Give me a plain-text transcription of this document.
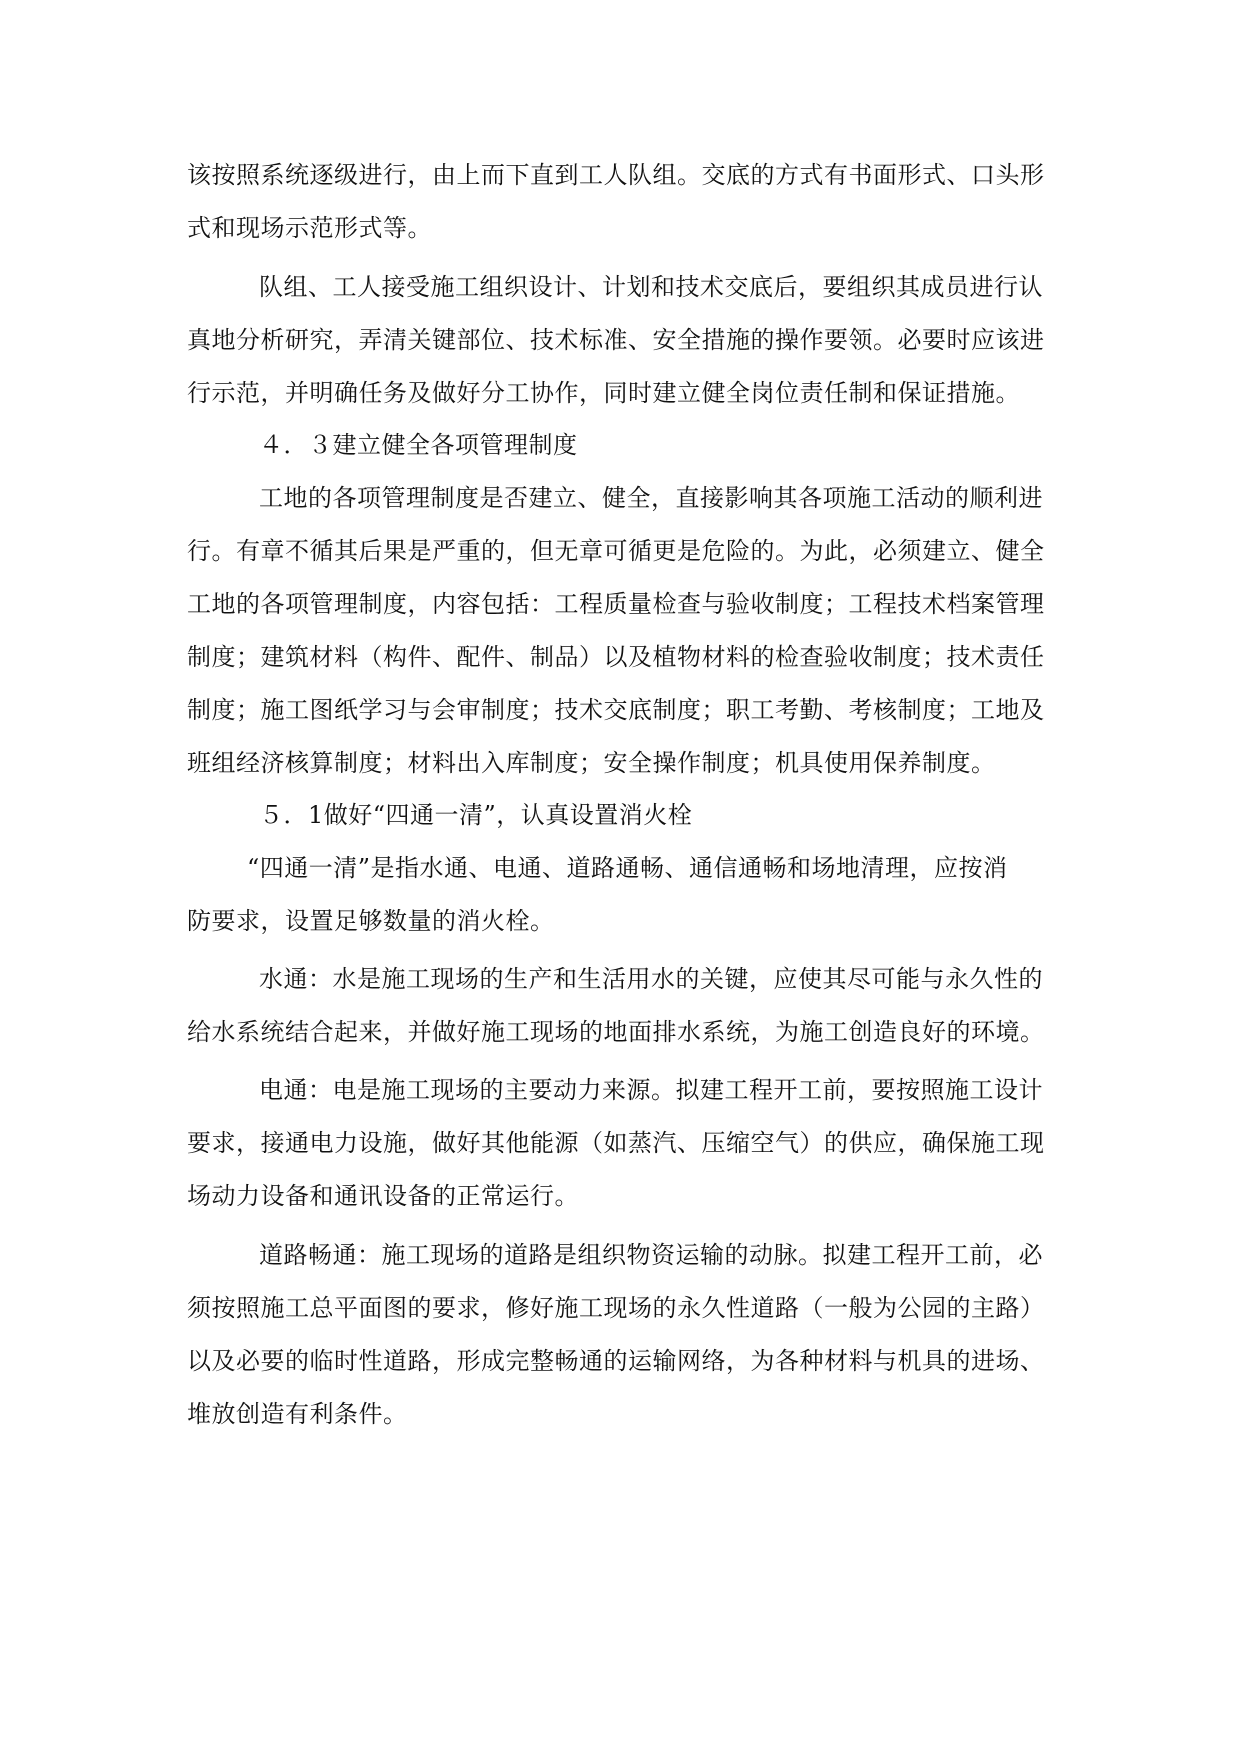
该按照系统逐级进行，由上而下直到工人队组。交底的方式有书面形式、口头形
式和现场示范形式等。
队组、工人接受施工组织设计、计划和技术交底后，要组织其成员进行认
真地分析研究，弄清关键部位、技术标准、安全措施的操作要领。必要时应该进
行示范，并明确任务及做好分工协作，同时建立健全岗位责任制和保证措施。
４．３建立健全各项管理制度
工地的各项管理制度是否建立、健全，直接影响其各项施工活动的顺利进
行。有章不循其后果是严重的，但无章可循更是危险的。为此，必须建立、健全
工地的各项管理制度，内容包括：工程质量检查与验收制度；工程技术档案管理
制度；建筑材料（构件、配件、制品）以及植物材料的检查验收制度；技术责任
制度；施工图纸学习与会审制度；技术交底制度；职工考勤、考核制度；工地及
班组经济核算制度；材料出入库制度；安全操作制度；机具使用保养制度。
５．1做好“四通一清”，认真设置消火栓
“四通一清”是指水通、电通、道路通畅、通信通畅和场地清理，应按消
防要求，设置足够数量的消火栓。
水通：水是施工现场的生产和生活用水的关键，应使其尽可能与永久性的
给水系统结合起来，并做好施工现场的地面排水系统，为施工创造良好的环境。
电通：电是施工现场的主要动力来源。拟建工程开工前，要按照施工设计
要求，接通电力设施，做好其他能源（如蒸汽、压缩空气）的供应，确保施工现
场动力设备和通讯设备的正常运行。
道路畅通：施工现场的道路是组织物资运输的动脉。拟建工程开工前，必
须按照施工总平面图的要求，修好施工现场的永久性道路（一般为公园的主路）
以及必要的临时性道路，形成完整畅通的运输网络，为各种材料与机具的进场、
堆放创造有利条件。
